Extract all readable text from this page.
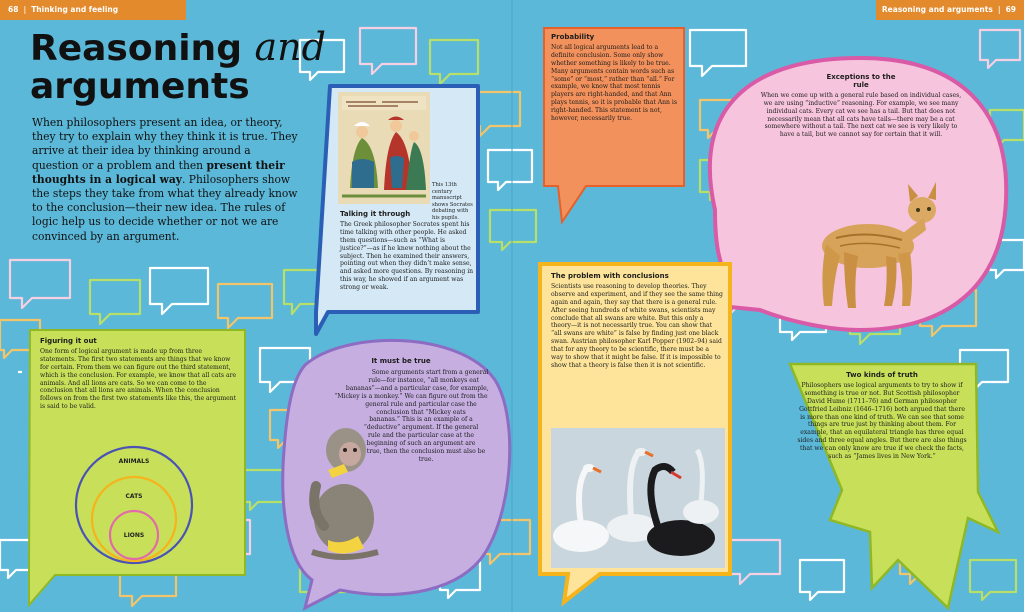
68 | Thinking and feeling	Reasoning and arguments | 69
Reasoning and
arguments
When philosophers present an idea, or theory, they try to explain why they think it is true. They arrive at their idea by thinking around a question or a problem and then present their thoughts in a logical way. Philosophers show the steps they take from what they already know to the conclusion—their new idea. The rules of logic help us to decide whether or not we are convinced by an argument.
This 13th century manuscript shows Socrates debating with his pupils.
Talking it through
The Greek philosopher Socrates spent his time talking with other people. He asked them questions—such as “What is justice?”—as if he knew nothing about the subject. Then he examined their answers, pointing out when they didn’t make sense, and asked more questions. By reasoning in this way, he showed if an argument was strong or weak.
Probability
Not all logical arguments lead to a definite conclusion. Some only show whether something is likely to be true. Many arguments contain words such as “some” or “most,” rather than “all.” For example, we know that most tennis players are right-handed, and that Ann plays tennis, so it is probable that Ann is right-handed. This statement is not, however, necessarily true.
Exceptions to the rule
When we come up with a general rule based on individual cases, we are using “inductive” reasoning. For example, we see many individual cats. Every cat we see has a tail. But that does not necessarily mean that all cats have tails—there may be a cat somewhere without a tail. The next cat we see is very likely to have a tail, but we cannot say for certain that it will.
Figuring it out
One form of logical argument is made up from three statements. The first two statements are things that we know for certain. From them we can figure out the third statement, which is the conclusion. For example, we know that all cats are animals. And all lions are cats. So we can come to the conclusion that all lions are animals. When the conclusion follows on from the first two statements like this, the argument is said to be valid.
ANIMALS
CATS
LIONS
It must be true
Some arguments start from a general rule—for instance, “all monkeys eat bananas”—and a particular case, for example, “Mickey is a monkey.” We can figure out from the general rule and particular case the conclusion that “Mickey eats bananas.” This is an example of a “deductive” argument. If the general rule and the particular case at the beginning of such an argument are true, then the conclusion must also be true.
The problem with conclusions
Scientists use reasoning to develop theories. They observe and experiment, and if they see the same thing again and again, they say that there is a general rule. After seeing hundreds of white swans, scientists may conclude that all swans are white. But this only a theory—it is not necessarily true. You can show that “all swans are white” is false by finding just one black swan. Austrian philosopher Karl Popper (1902–94) said that for any theory to be scientific, there must be a way to show that it might be false. If it is impossible to show that a theory is false then it is not scientific.
Two kinds of truth
Philosophers use logical arguments to try to show if something is true or not. But Scottish philosopher David Hume (1711–76) and German philosopher Gottfried Leibniz (1646–1716) both argued that there is more than one kind of truth. We can see that some things are true just by thinking about them. For example, that an equilateral triangle has three equal sides and three equal angles. But there are also things that we can only know are true if we check the facts, such as “James lives in New York.”
